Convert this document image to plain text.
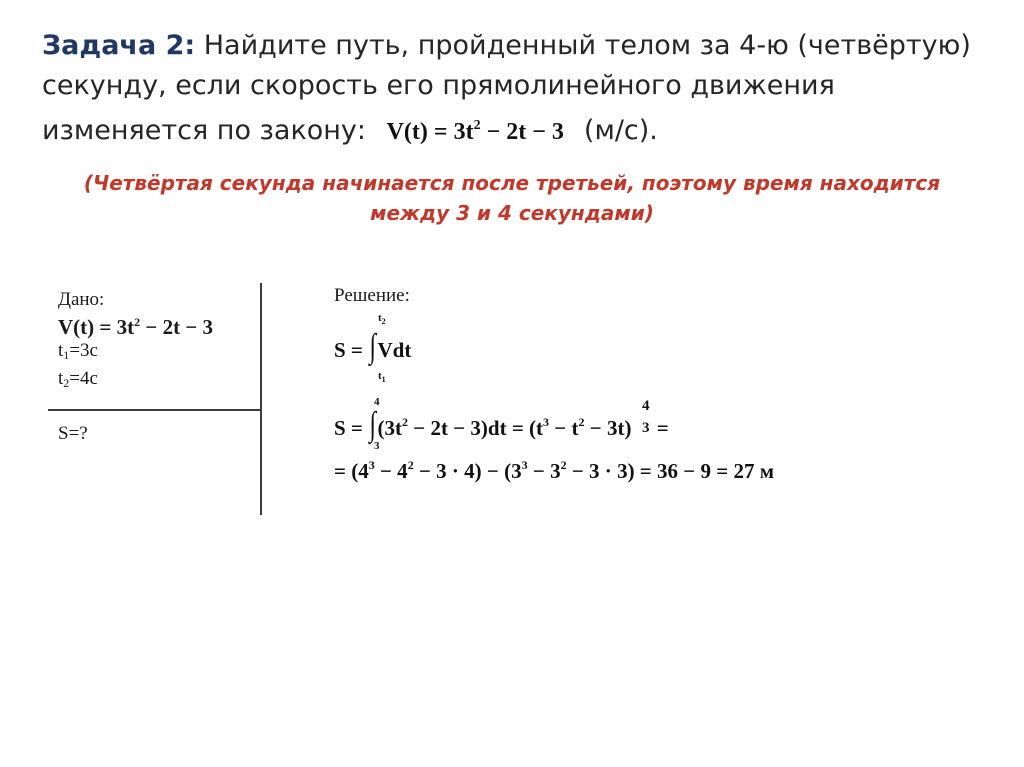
Задача 2: Найдите путь, пройденный телом за 4-ю (четвёртую) секунду, если скорость его прямолинейного движения изменяется по закону: $V(t) = 3t^2 - 2t - 3$ (м/с).
(Четвёртая секунда начинается после третьей, поэтому время находится
между 3 и 4 секундами)
Дано:
$V(t) = 3t^2 - 2t - 3$
$t_1=3c$
$t_2=4c$
S=?
Решение:
S = ∫Vdt
$t_2$
$t_1$
$S = \int(3t^2 - 2t - 3)dt = (t^3 - t^2 - 3t)$ =
4
3
4
3
= $(4^3 - 4^2 - 3 \cdot 4) - (3^3 - 3^2 - 3 \cdot 3) = 36 - 9 = 27$ м
